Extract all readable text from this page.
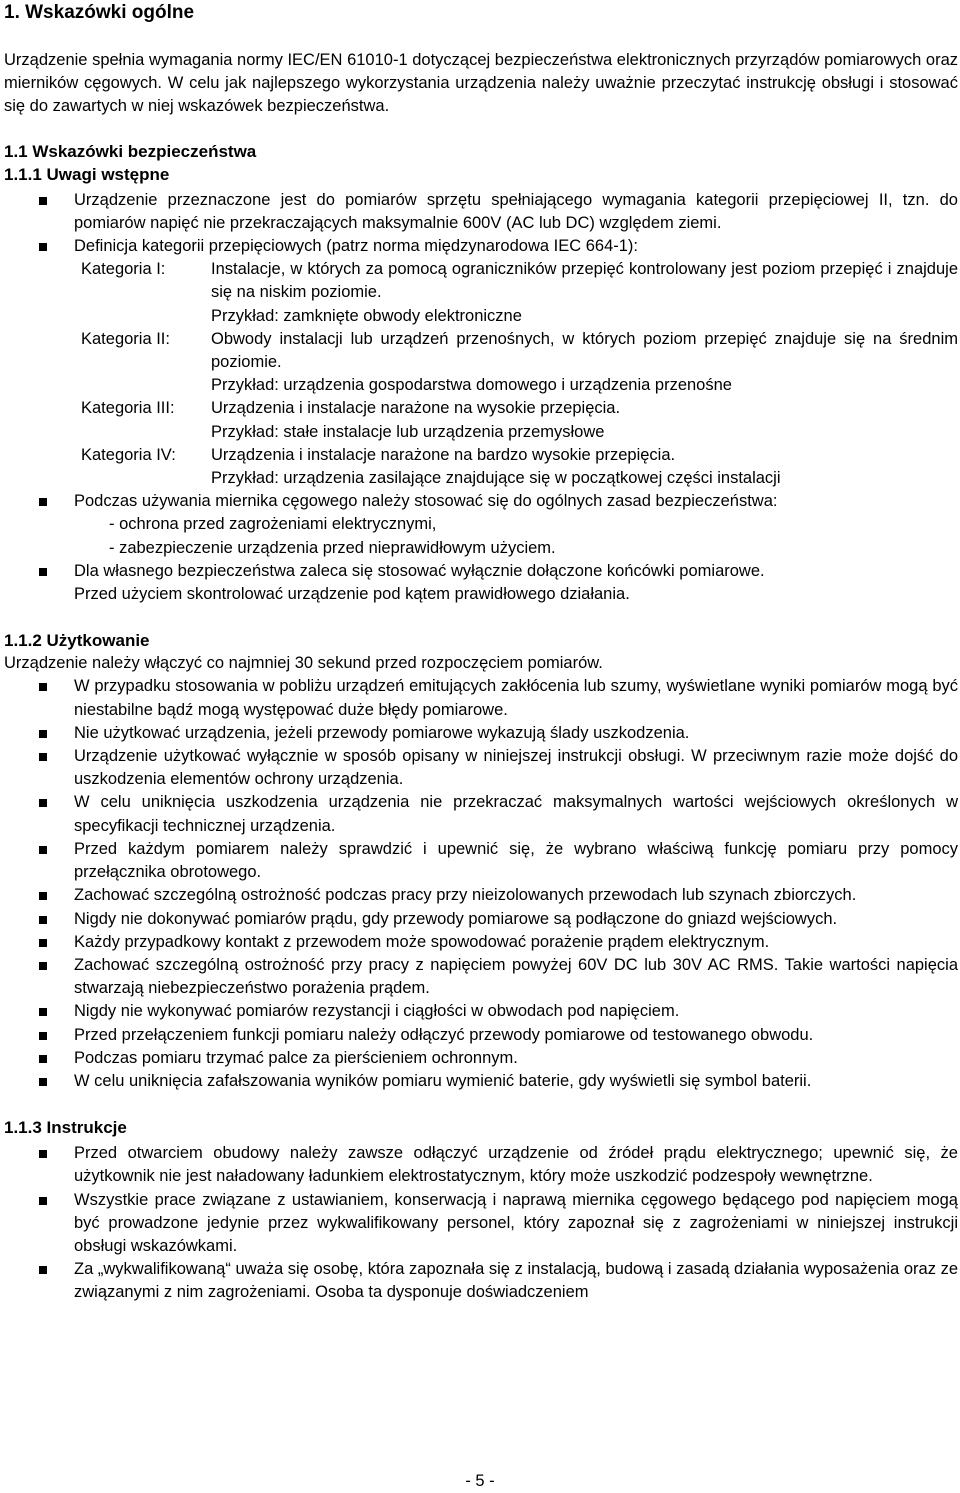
1. Wskazówki ogólne

Urządzenie spełnia wymagania normy IEC/EN 61010-1 dotyczącej bezpieczeństwa elektronicznych przyrządów pomiarowych oraz mierników cęgowych. W celu jak najlepszego wykorzystania urządzenia należy uważnie przeczytać instrukcję obsługi i stosować się do zawartych w niej wskazówek bezpieczeństwa.

1.1 Wskazówki bezpieczeństwa
1.1.1 Uwagi wstępne
Urządzenie przeznaczone jest do pomiarów sprzętu spełniającego wymagania kategorii przepięciowej II, tzn. do pomiarów napięć nie przekraczających maksymalnie 600V (AC lub DC) względem ziemi.
Definicja kategorii przepięciowych (patrz norma międzynarodowa IEC 664-1):
Kategoria I:	Instalacje, w których za pomocą ograniczników przepięć kontrolowany jest poziom przepięć i znajduje się na niskim poziomie.
Przykład: zamknięte obwody elektroniczne
Kategoria II:	Obwody instalacji lub urządzeń przenośnych, w których poziom przepięć znajduje się na średnim poziomie.
Przykład: urządzenia gospodarstwa domowego i urządzenia przenośne
Kategoria III:	Urządzenia i instalacje narażone na wysokie przepięcia.
Przykład: stałe instalacje lub urządzenia przemysłowe
Kategoria IV:	Urządzenia i instalacje narażone na bardzo wysokie przepięcia.
Przykład: urządzenia zasilające znajdujące się w początkowej części instalacji
Podczas używania miernika cęgowego należy stosować się do ogólnych zasad bezpieczeństwa:
- ochrona przed zagrożeniami elektrycznymi,
- zabezpieczenie urządzenia przed nieprawidłowym użyciem.
Dla własnego bezpieczeństwa zaleca się stosować wyłącznie dołączone końcówki pomiarowe.
Przed użyciem skontrolować urządzenie pod kątem prawidłowego działania.
1.1.2 Użytkowanie

Urządzenie należy włączyć co najmniej 30 sekund przed rozpoczęciem pomiarów.

W przypadku stosowania w pobliżu urządzeń emitujących zakłócenia lub szumy, wyświetlane wyniki pomiarów mogą być niestabilne bądź mogą występować duże błędy pomiarowe.
Nie użytkować urządzenia, jeżeli przewody pomiarowe wykazują ślady uszkodzenia.
Urządzenie użytkować wyłącznie w sposób opisany w niniejszej instrukcji obsługi. W przeciwnym razie może dojść do uszkodzenia elementów ochrony urządzenia.
W celu uniknięcia uszkodzenia urządzenia nie przekraczać maksymalnych wartości wejściowych określonych w specyfikacji technicznej urządzenia.
Przed każdym pomiarem należy sprawdzić i upewnić się, że wybrano właściwą funkcję pomiaru przy pomocy przełącznika obrotowego.
Zachować szczególną ostrożność podczas pracy przy nieizolowanych przewodach lub szynach zbiorczych.
Nigdy nie dokonywać pomiarów prądu, gdy przewody pomiarowe są podłączone do gniazd wejściowych.
Każdy przypadkowy kontakt z przewodem może spowodować porażenie prądem elektrycznym.
Zachować szczególną ostrożność przy pracy z napięciem powyżej 60V DC lub 30V AC RMS. Takie wartości napięcia stwarzają niebezpieczeństwo porażenia prądem.
Nigdy nie wykonywać pomiarów rezystancji i ciągłości w obwodach pod napięciem.
Przed przełączeniem funkcji pomiaru należy odłączyć przewody pomiarowe od testowanego obwodu.
Podczas pomiaru trzymać palce za pierścieniem ochronnym.
W celu uniknięcia zafałszowania wyników pomiaru wymienić baterie, gdy wyświetli się symbol baterii.
1.1.3 Instrukcje
Przed otwarciem obudowy należy zawsze odłączyć urządzenie od źródeł prądu elektrycznego; upewnić się, że użytkownik nie jest naładowany ładunkiem elektrostatycznym, który może uszkodzić podzespoły wewnętrzne.
Wszystkie prace związane z ustawianiem, konserwacją i naprawą miernika cęgowego będącego pod napięciem mogą być prowadzone jedynie przez wykwalifikowany personel, który zapoznał się z zagrożeniami w niniejszej instrukcji obsługi wskazówkami.
Za „wykwalifikowaną“ uważa się osobę, która zapoznała się z instalacją, budową i zasadą działania wyposażenia oraz ze związanymi z nim zagrożeniami. Osoba ta dysponuje doświadczeniem
- 5 -
